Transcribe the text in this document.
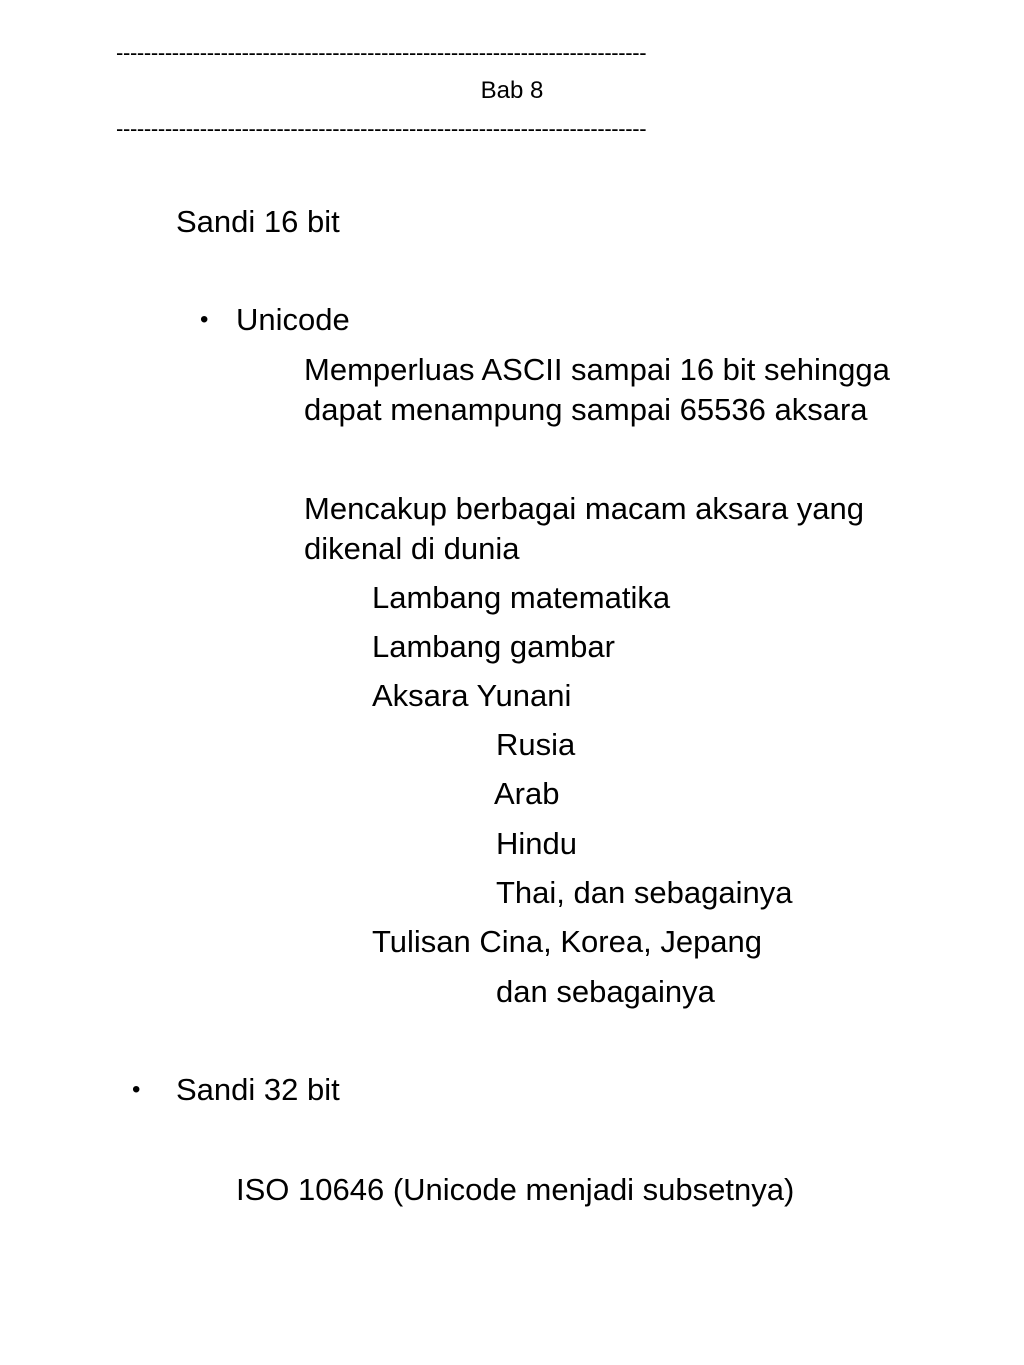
----------------------------------------------------------------------------
Bab 8
----------------------------------------------------------------------------
Sandi 16 bit
• Unicode
Memperluas ASCII sampai 16 bit sehingga
dapat menampung sampai 65536 aksara
Mencakup berbagai macam aksara yang
dikenal di dunia
Lambang matematika
Lambang gambar
Aksara Yunani
Rusia
Arab
Hindu
Thai, dan sebagainya
Tulisan Cina, Korea, Jepang
dan sebagainya
• Sandi 32 bit
ISO 10646 (Unicode menjadi subsetnya)
